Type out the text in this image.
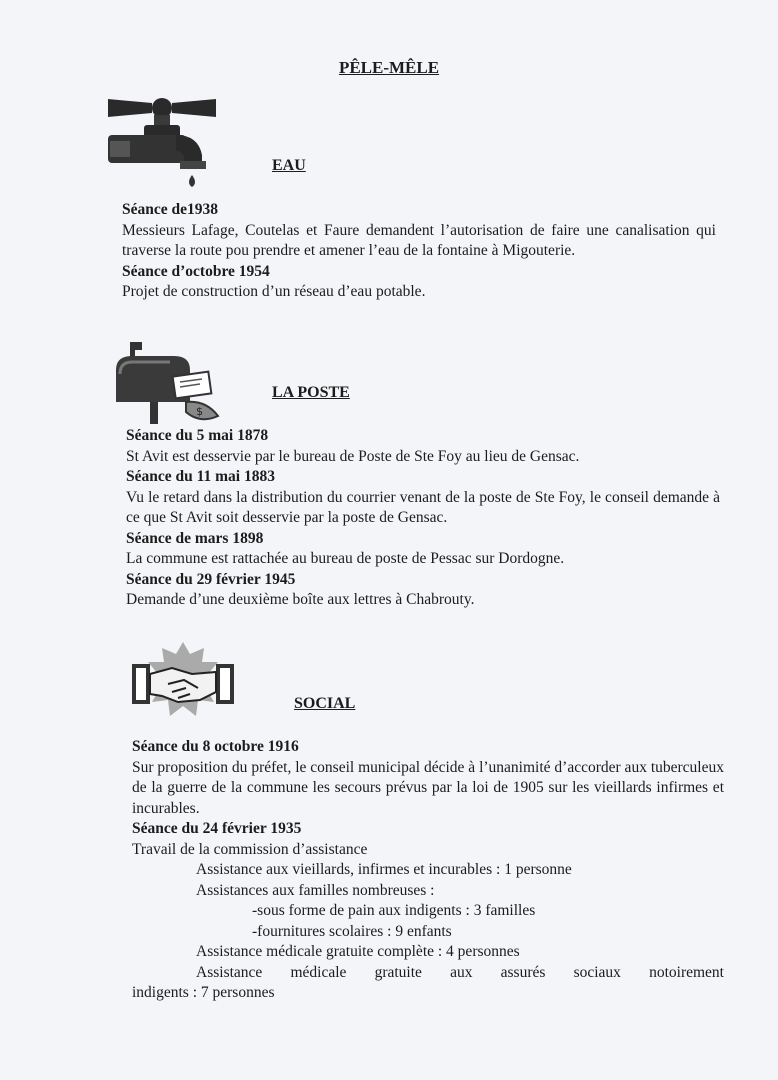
PÊLE-MÊLE
EAU

Séance de1938

Messieurs Lafage, Coutelas et Faure demandent l’autorisation de faire une canalisation qui traverse la route pou prendre et amener l’eau de la fontaine à Migouterie.

Séance d’octobre 1954

Projet de construction d’un réseau d’eau potable.

$
LA POSTE

Séance du 5 mai 1878

St Avit est desservie par le bureau de Poste de Ste Foy au lieu de Gensac.

Séance du 11 mai 1883

Vu le retard dans la distribution du courrier venant de la poste de Ste Foy, le conseil demande à ce que St Avit soit desservie par la poste de Gensac.

Séance de mars 1898

La commune est rattachée au bureau de poste de Pessac sur Dordogne.

Séance du 29 février 1945

Demande d’une deuxième boîte aux lettres à Chabrouty.

SOCIAL

Séance du 8 octobre 1916

Sur proposition du préfet, le conseil municipal décide à l’unanimité d’accorder aux tuberculeux de la guerre de la commune les secours prévus par la loi de 1905 sur les vieillards infirmes et incurables.

Séance du 24 février 1935

Travail de la commission d’assistance

Assistance aux vieillards, infirmes et incurables : 1 personne

Assistances aux familles nombreuses :

-sous forme de pain aux indigents : 3 familles

-fournitures scolaires : 9 enfants

Assistance médicale gratuite complète : 4 personnes

Assistance médicale gratuite aux assurés sociaux notoirement

indigents : 7 personnes
